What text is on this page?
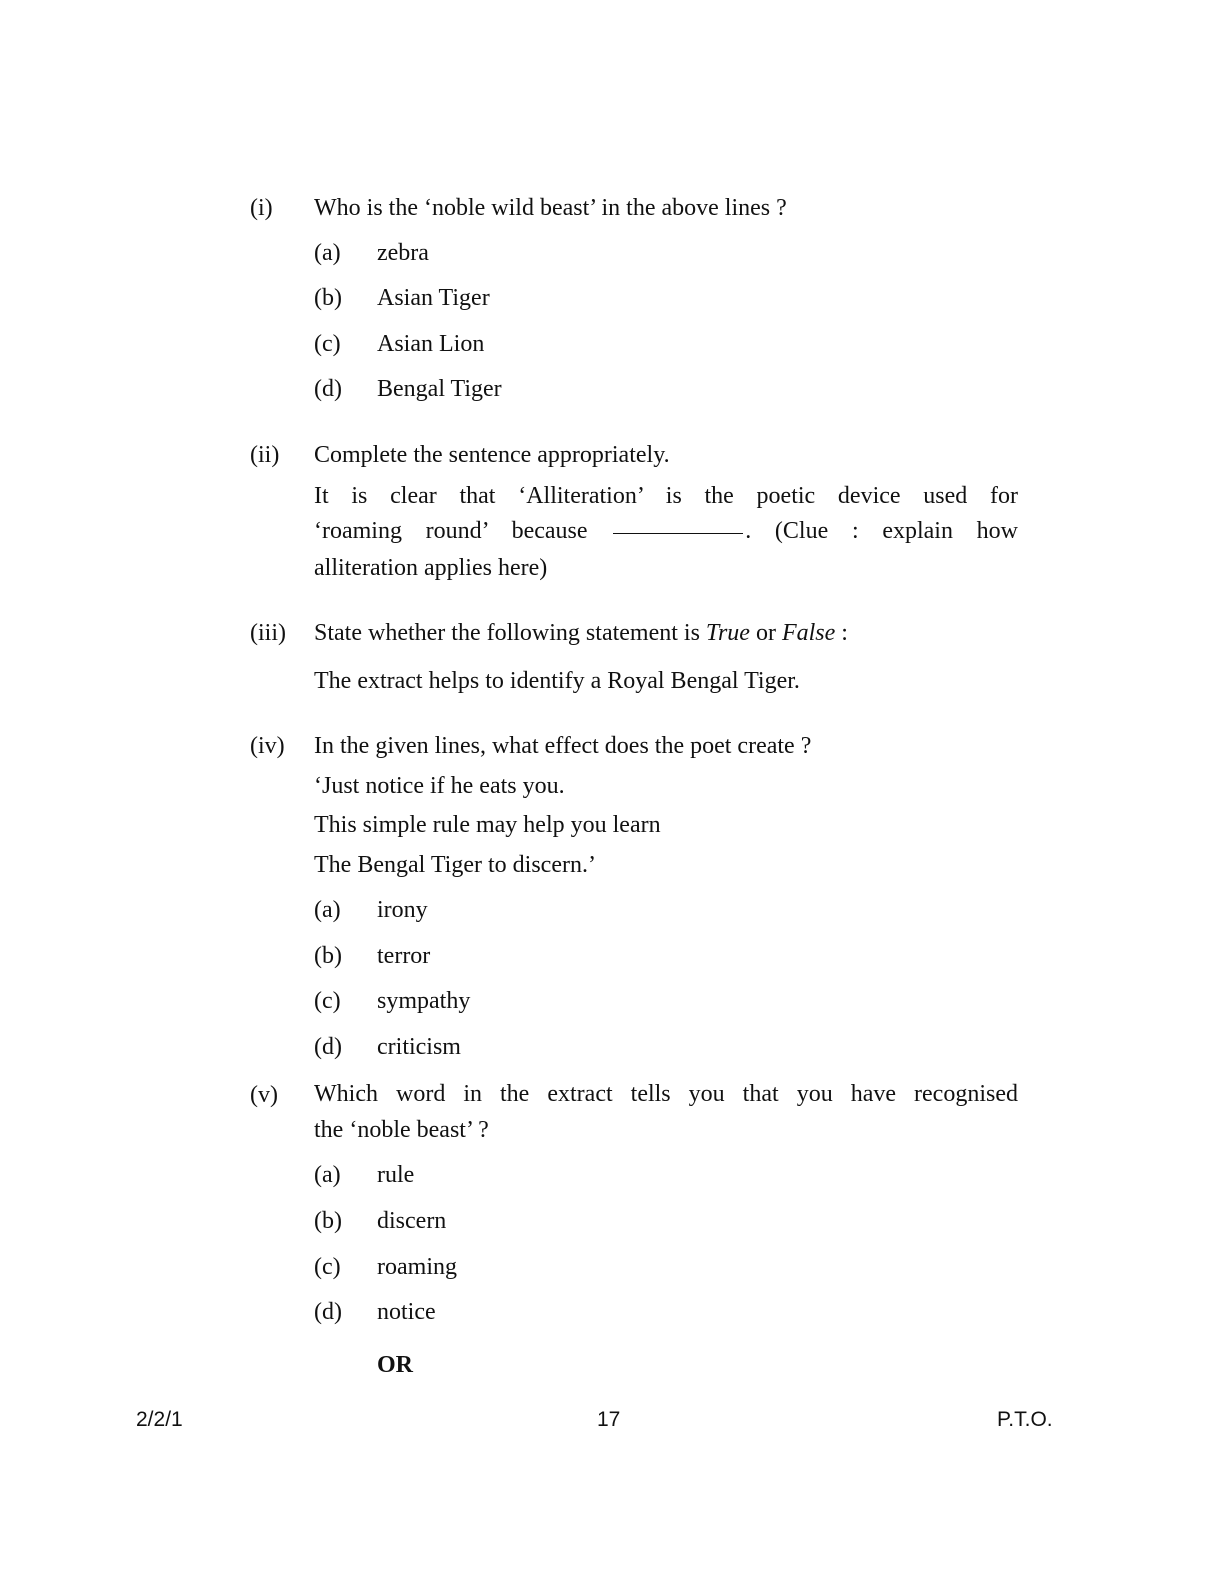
(i) Who is the ‘noble wild beast’ in the above lines ?
(a) zebra
(b) Asian Tiger
(c) Asian Lion
(d) Bengal Tiger
(ii) Complete the sentence appropriately.
It is clear that ‘Alliteration’ is the poetic device used for
‘roaming round’ because	. (Clue : explain how
alliteration applies here)
(iii) State whether the following statement is True or False :
The extract helps to identify a Royal Bengal Tiger.
(iv) In the given lines, what effect does the poet create ?
‘Just notice if he eats you.
This simple rule may help you learn
The Bengal Tiger to discern.’
(a) irony
(b) terror
(c) sympathy
(d) criticism
(v) Which word in the extract tells you that you have recognised
the ‘noble beast’ ?
(a) rule
(b) discern
(c) roaming
(d) notice
OR
2/2/1	17	P.T.O.
